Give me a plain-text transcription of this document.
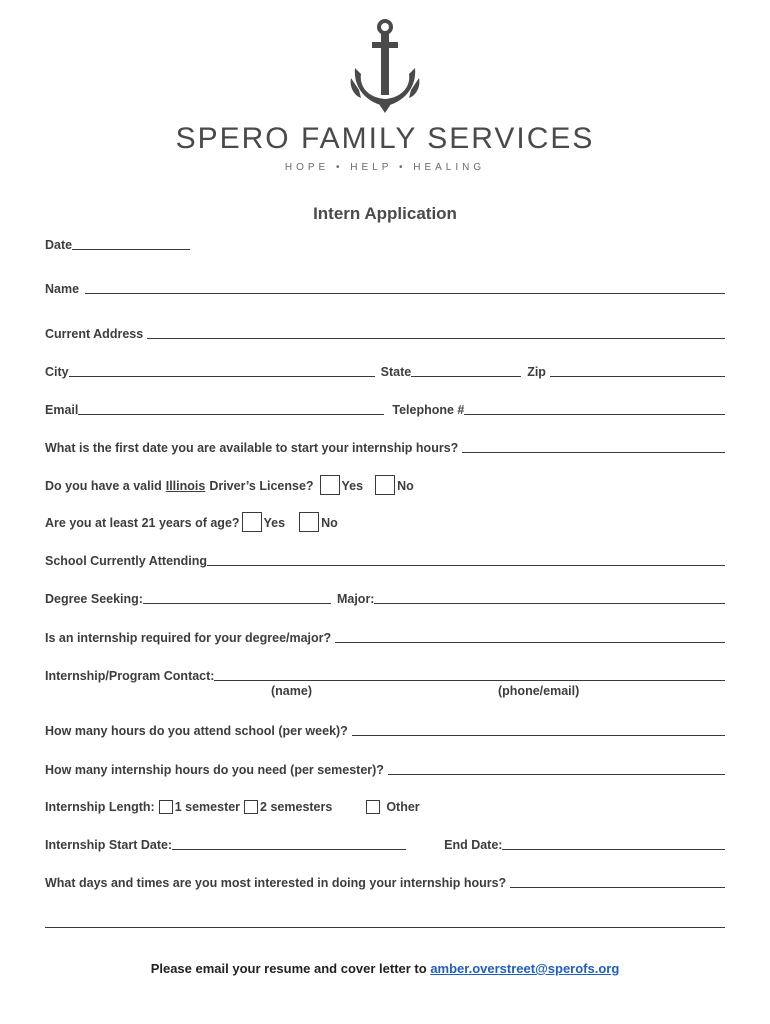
SPERO FAMILY SERVICES
HOPE • HELP • HEALING
Intern Application
Date
Name
Current Address
City	State	Zip
Email	Telephone #
What is the first date you are available to start your internship hours?
Do you have a valid Illinois Driver’s License? Yes	No
Are you at least 21 years of age? Yes	No
School Currently Attending
Degree Seeking:	Major:
Is an internship required for your degree/major?
Internship/Program Contact:
(name)	(phone/email)
How many hours do you attend school (per week)?
How many internship hours do you need (per semester)?
Internship Length: 1 semester 2 semesters	Other
Internship Start Date:	End Date:
What days and times are you most interested in doing your internship hours?
Please email your resume and cover letter to amber.overstreet@sperofs.org
